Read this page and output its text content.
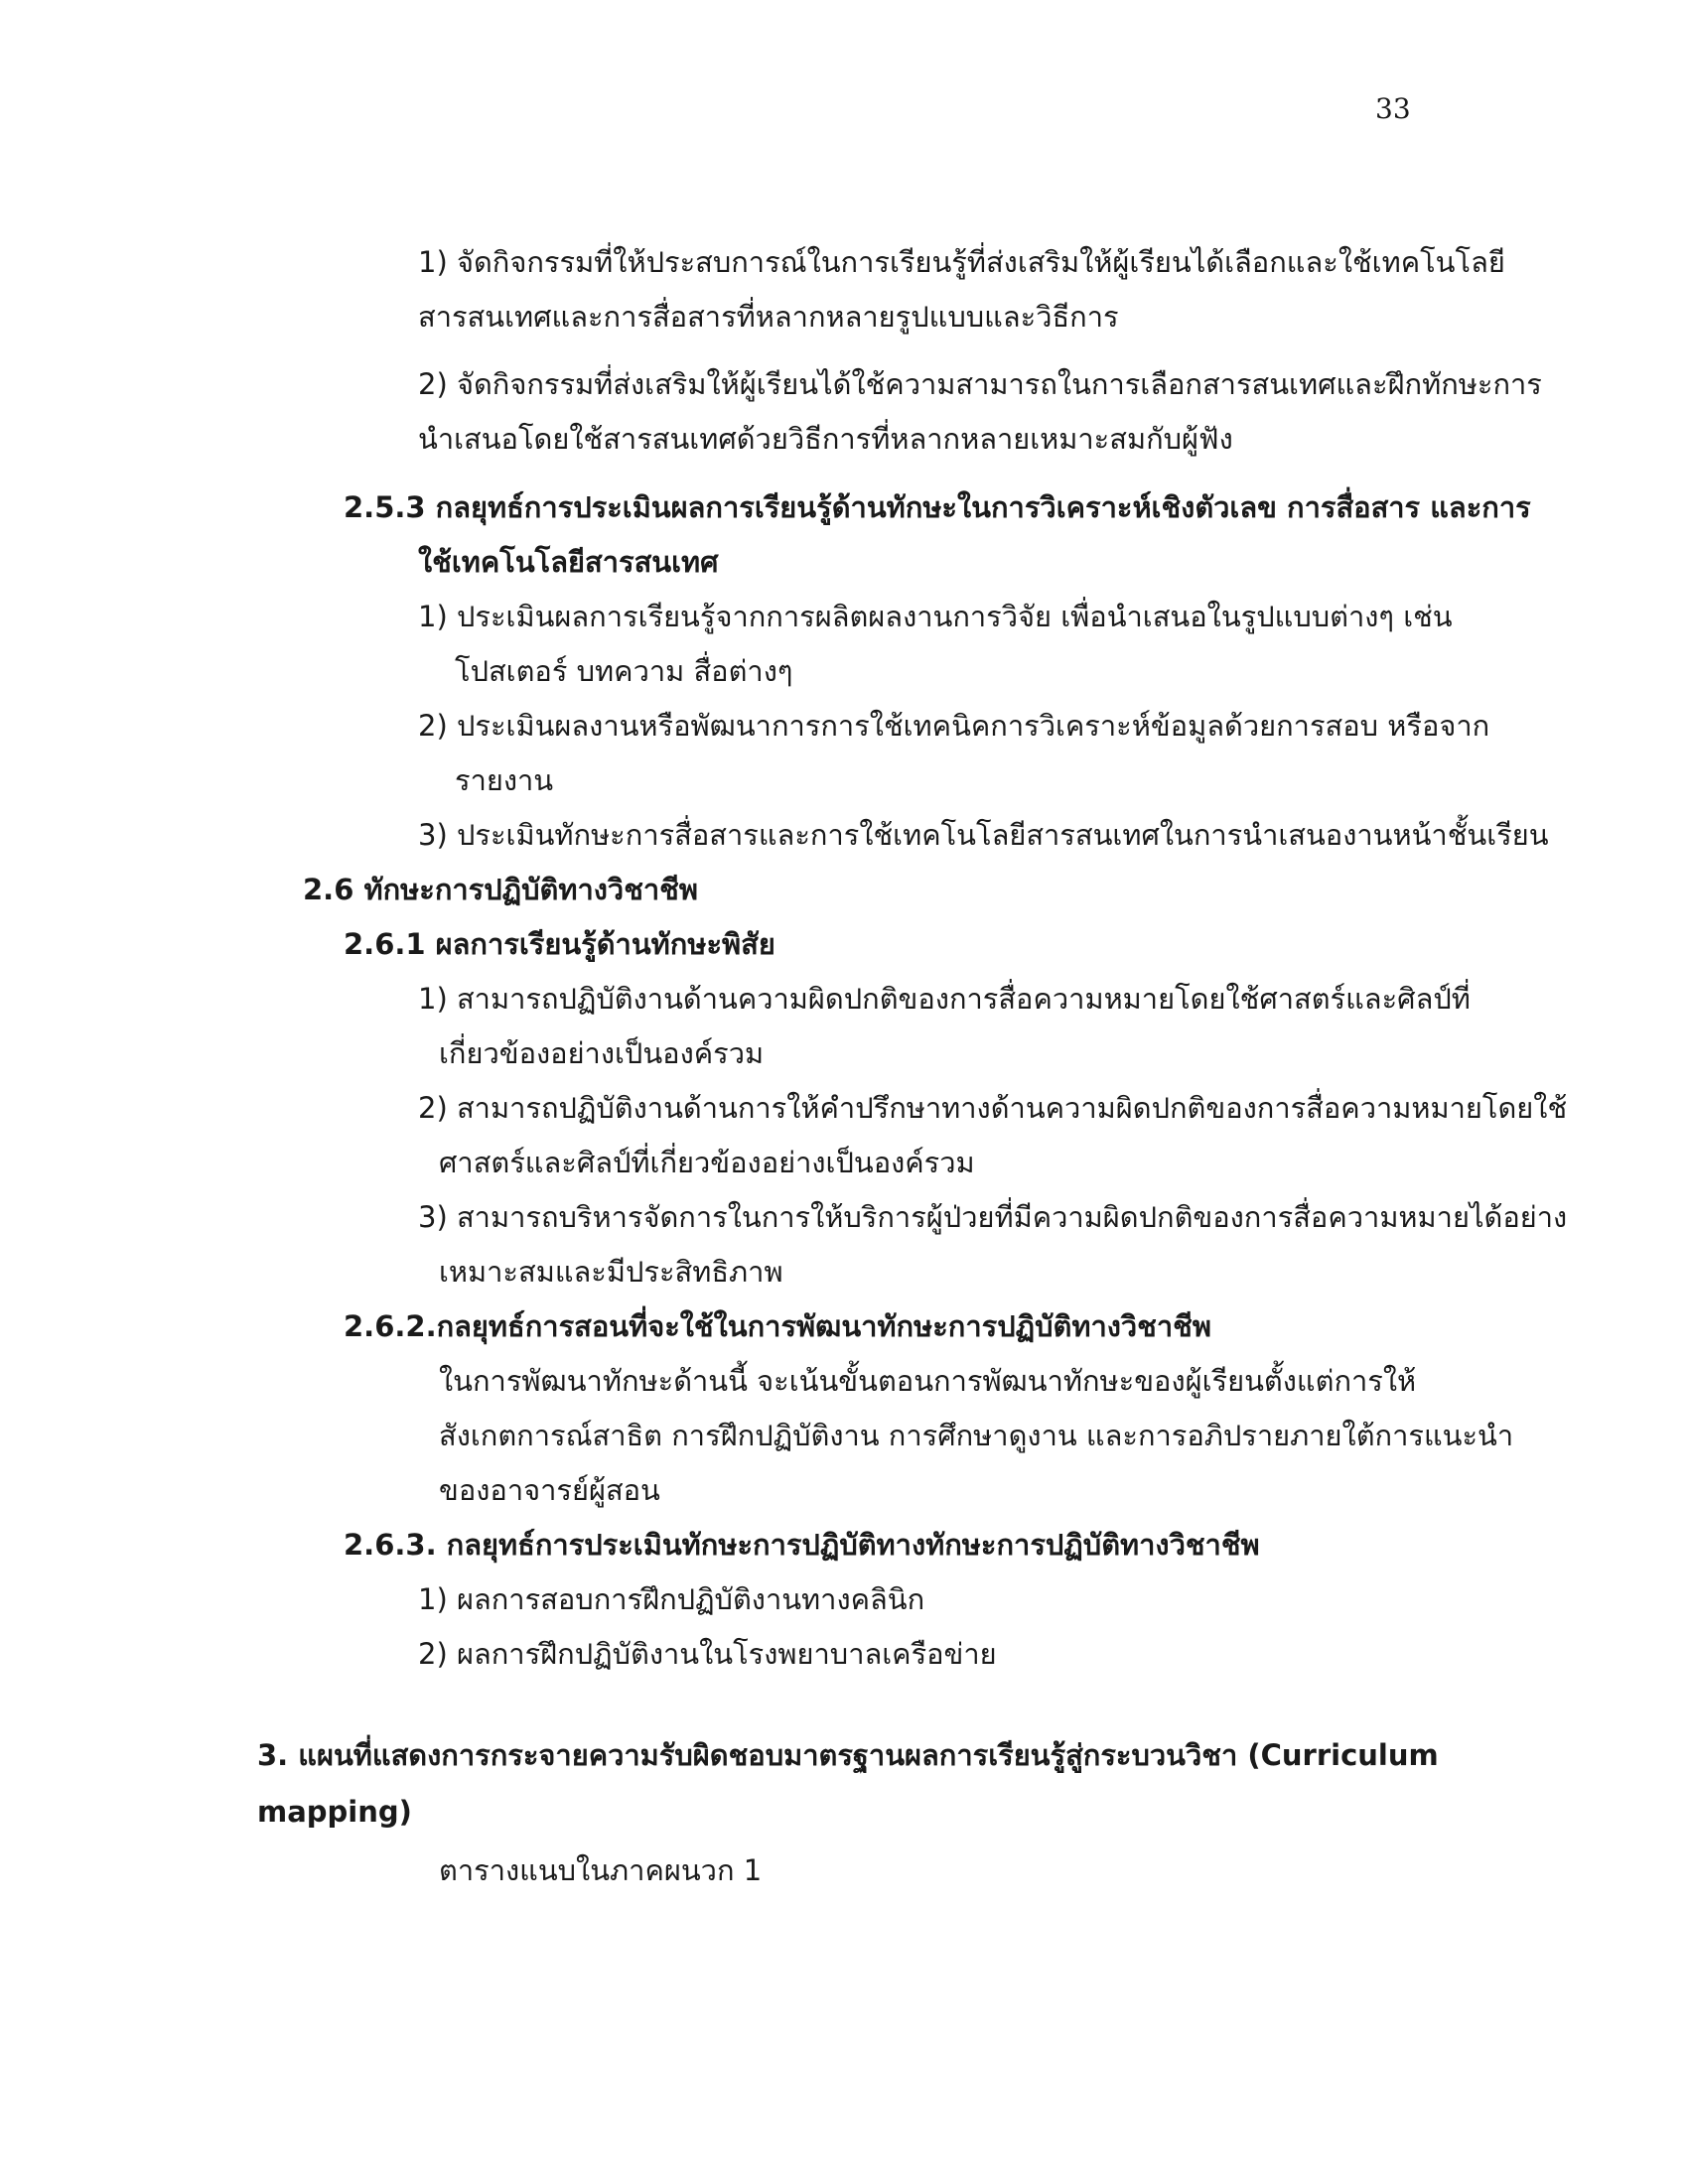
33
1) จัดกิจกรรมที่ให้ประสบการณ์ในการเรียนรู้ที่ส่งเสริมให้ผู้เรียนได้เลือกและใช้เทคโนโลยี
สารสนเทศและการสื่อสารที่หลากหลายรูปแบบและวิธีการ
2) จัดกิจกรรมที่ส่งเสริมให้ผู้เรียนได้ใช้ความสามารถในการเลือกสารสนเทศและฝึกทักษะการ
นำเสนอโดยใช้สารสนเทศด้วยวิธีการที่หลากหลายเหมาะสมกับผู้ฟัง
2.5.3 กลยุทธ์การประเมินผลการเรียนรู้ด้านทักษะในการวิเคราะห์เชิงตัวเลข การสื่อสาร และการ
ใช้เทคโนโลยีสารสนเทศ
1) ประเมินผลการเรียนรู้จากการผลิตผลงานการวิจัย เพื่อนำเสนอในรูปแบบต่างๆ เช่น
โปสเตอร์ บทความ สื่อต่างๆ
2) ประเมินผลงานหรือพัฒนาการการใช้เทคนิคการวิเคราะห์ข้อมูลด้วยการสอบ หรือจาก
รายงาน
3) ประเมินทักษะการสื่อสารและการใช้เทคโนโลยีสารสนเทศในการนำเสนองานหน้าชั้นเรียน
2.6 ทักษะการปฏิบัติทางวิชาชีพ
2.6.1 ผลการเรียนรู้ด้านทักษะพิสัย
1) สามารถปฏิบัติงานด้านความผิดปกติของการสื่อความหมายโดยใช้ศาสตร์และศิลป์ที่
เกี่ยวข้องอย่างเป็นองค์รวม
2) สามารถปฏิบัติงานด้านการให้คำปรึกษาทางด้านความผิดปกติของการสื่อความหมายโดยใช้
ศาสตร์และศิลป์ที่เกี่ยวข้องอย่างเป็นองค์รวม
3) สามารถบริหารจัดการในการให้บริการผู้ป่วยที่มีความผิดปกติของการสื่อความหมายได้อย่าง
เหมาะสมและมีประสิทธิภาพ
2.6.2.กลยุทธ์การสอนที่จะใช้ในการพัฒนาทักษะการปฏิบัติทางวิชาชีพ
ในการพัฒนาทักษะด้านนี้ จะเน้นขั้นตอนการพัฒนาทักษะของผู้เรียนตั้งแต่การให้
สังเกตการณ์สาธิต การฝึกปฏิบัติงาน การศึกษาดูงาน และการอภิปรายภายใต้การแนะนำ
ของอาจารย์ผู้สอน
2.6.3. กลยุทธ์การประเมินทักษะการปฏิบัติทางทักษะการปฏิบัติทางวิชาชีพ
1) ผลการสอบการฝึกปฏิบัติงานทางคลินิก
2) ผลการฝึกปฏิบัติงานในโรงพยาบาลเครือข่าย
3. แผนที่แสดงการกระจายความรับผิดชอบมาตรฐานผลการเรียนรู้สู่กระบวนวิชา (Curriculum
mapping)
ตารางแนบในภาคผนวก 1
